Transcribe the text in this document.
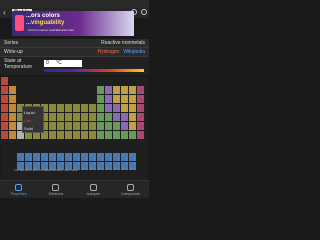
‹	...ors colors
...vinguability
...ful from Canon Australia and more
Series	Reactive nonmetals
Write-up	Hydrogen Wikipedia
State at
Temperature
0 °C
Liquid
Gas
Solid
For elements with no stable isotopes, see mass...
Properties	Electrons	Isotopes	Compounds
